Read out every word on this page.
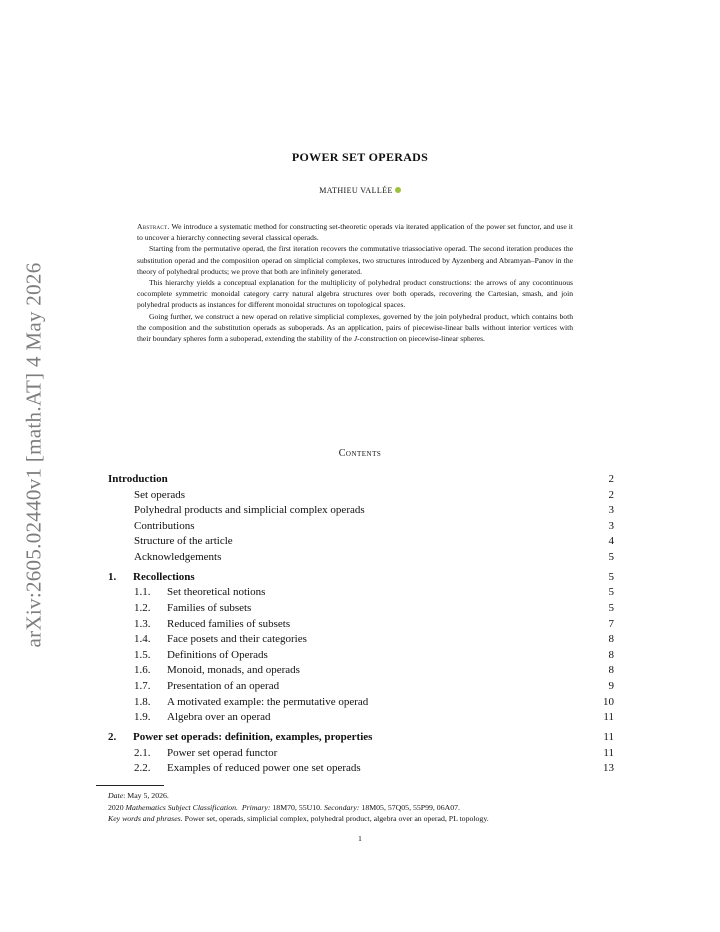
arXiv:2605.02440v1 [math.AT] 4 May 2026
POWER SET OPERADS
MATHIEU VALLÉE

Abstract. We introduce a systematic method for constructing set-theoretic operads via iterated application of the power set functor, and use it to uncover a hierarchy connecting several classical operads.

Starting from the permutative operad, the first iteration recovers the commutative triassociative operad. The second iteration produces the substitution operad and the composition operad on simplicial complexes, two structures introduced by Ayzenberg and Abramyan–Panov in the theory of polyhedral products; we prove that both are infinitely generated.

This hierarchy yields a conceptual explanation for the multiplicity of polyhedral product constructions: the arrows of any cocontinuous cocomplete symmetric monoidal category carry natural algebra structures over both operads, recovering the Cartesian, smash, and join polyhedral products as instances for different monoidal structures on topological spaces.

Going further, we construct a new operad on relative simplicial complexes, governed by the join polyhedral product, which contains both the composition and the substitution operads as suboperads. As an application, pairs of piecewise-linear balls without interior vertices with their boundary spheres form a suboperad, extending the stability of the J-construction on piecewise-linear spheres.

Contents
Introduction	2
Set operads	2
Polyhedral products and simplicial complex operads	3
Contributions	3
Structure of the article	4
Acknowledgements	5
1. Recollections	5
1.1. Set theoretical notions	5
1.2. Families of subsets	5
1.3. Reduced families of subsets	7
1.4. Face posets and their categories	8
1.5. Definitions of Operads	8
1.6. Monoid, monads, and operads	8
1.7. Presentation of an operad	9
1.8. A motivated example: the permutative operad	10
1.9. Algebra over an operad	11
2. Power set operads: definition, examples, properties	11
2.1. Power set operad functor	11
2.2. Examples of reduced power one set operads	13
Date: May 5, 2026.
2020 Mathematics Subject Classification. Primary: 18M70, 55U10. Secondary: 18M05, 57Q05, 55P99, 06A07.
Key words and phrases. Power set, operads, simplicial complex, polyhedral product, algebra over an operad, PL topology.
1
